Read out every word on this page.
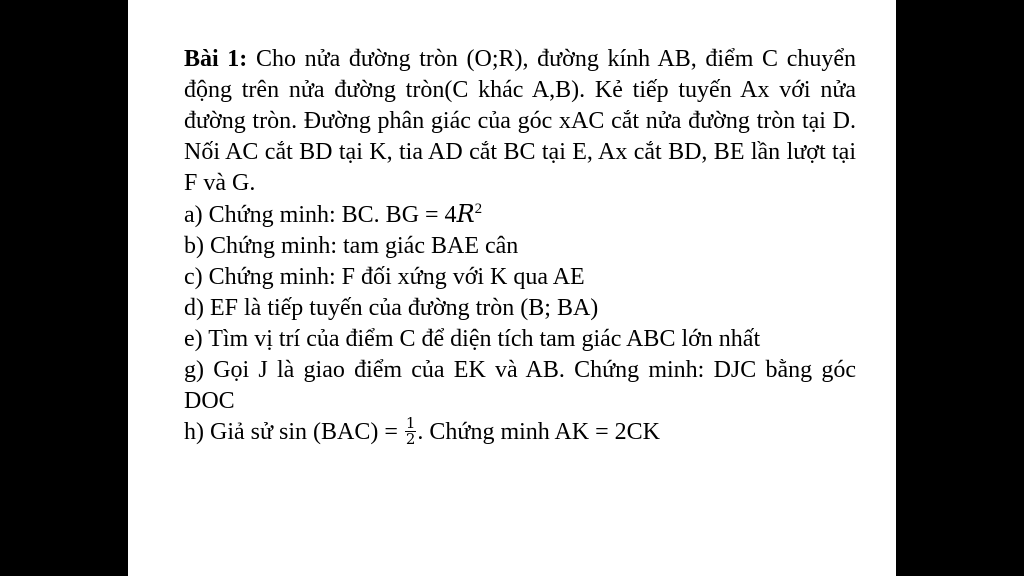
Bài 1: Cho nửa đường tròn (O;R), đường kính AB, điểm C chuyển động trên nửa đường tròn(C khác A,B). Kẻ tiếp tuyến Ax với nửa đường tròn. Đường phân giác của góc xAC cắt nửa đường tròn tại D. Nối AC cắt BD tại K, tia AD cắt BC tại E, Ax cắt BD, BE lần lượt tại F và G.
a) Chứng minh: BC. BG = $4R^2$
b) Chứng minh: tam giác BAE cân
c) Chứng minh: F đối xứng với K qua AE
d) EF là tiếp tuyến của đường tròn (B; BA)
e) Tìm vị trí của điểm C để diện tích tam giác ABC lớn nhất
g) Gọi J là giao điểm của EK và AB. Chứng minh: DJC bằng góc DOC
h) Giả sử $\sin (BAC) = \frac{1}{2}$ . Chứng minh AK = 2CK
